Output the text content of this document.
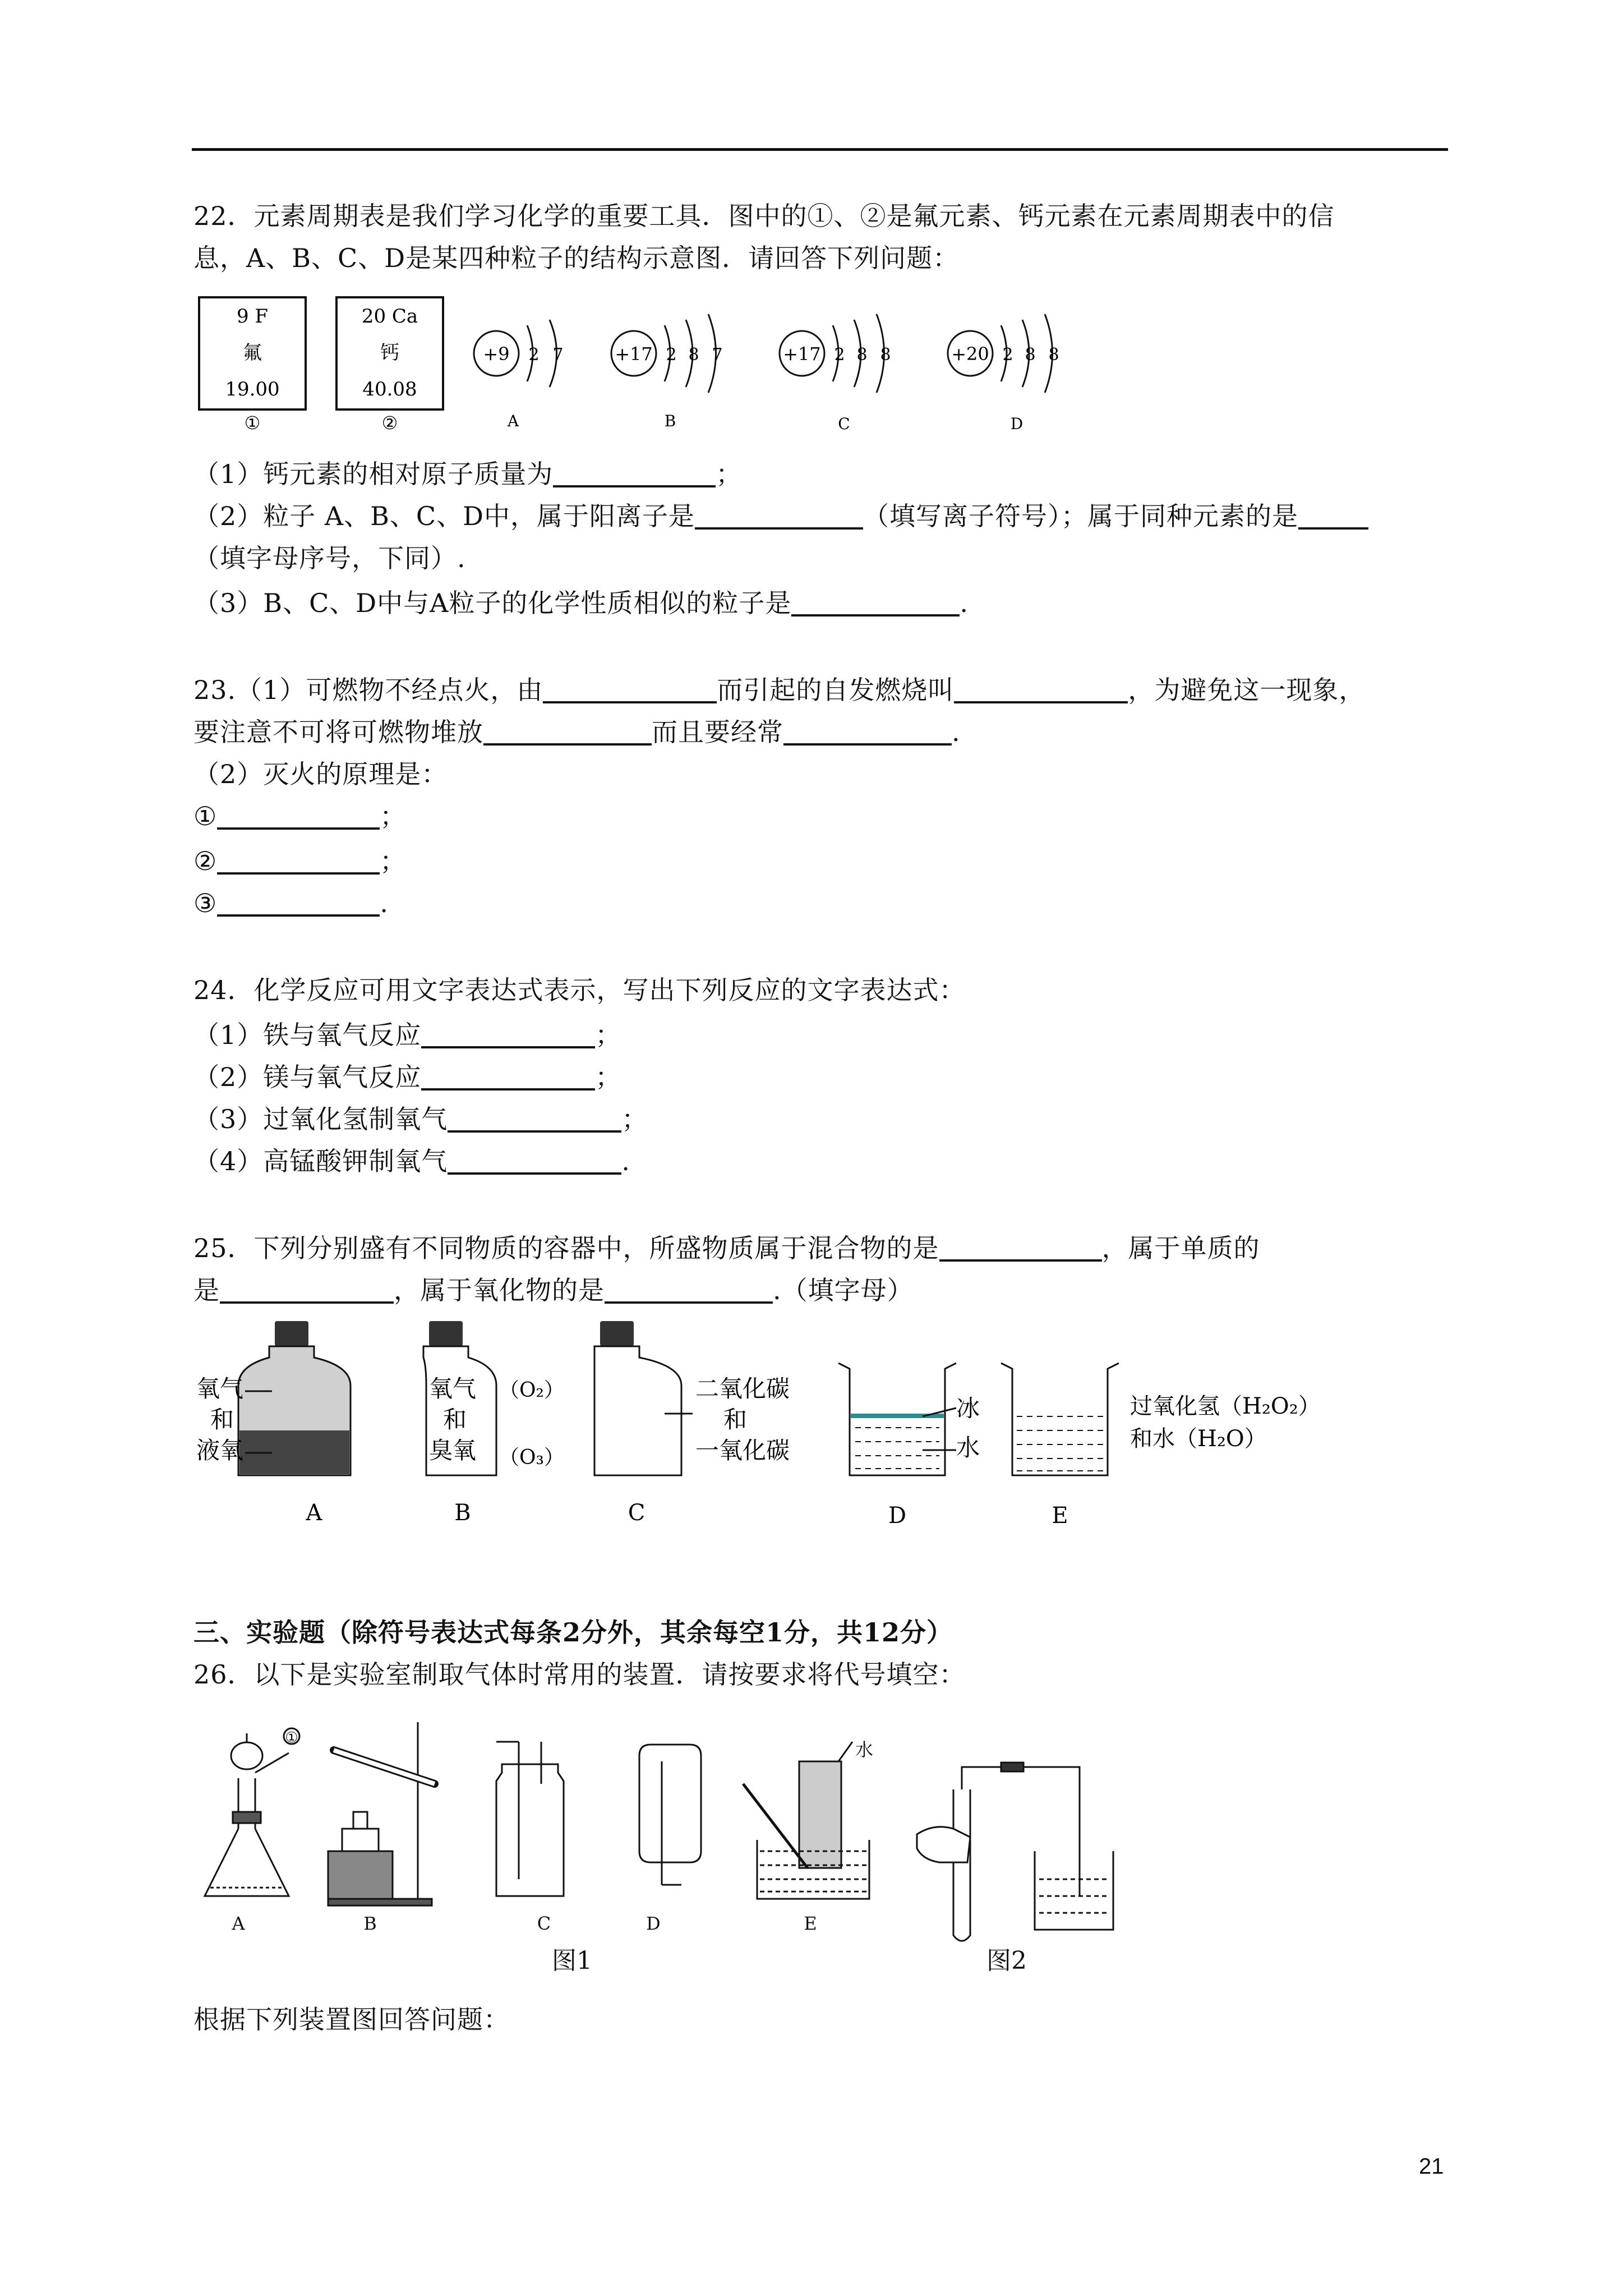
22．元素周期表是我们学习化学的重要工具．图中的①、②是氟元素、钙元素在元素周期表中的信
息，A、B、C、D是某四种粒子的结构示意图．请回答下列问题：
9 F
氟
19.00
①
20 Ca
钙
40.08
②
+9 2 7
A
+17 2 8 7
B
+17 2 8 8
C
+20 2 8 8
D
（1）钙元素的相对原子质量为	；
（2）粒子 A、B、C、D中，属于阳离子是	（填写离子符号）；属于同种元素的是
（填字母序号，下同）.
（3）B、C、D中与A粒子的化学性质相似的粒子是	.
23.（1）可燃物不经点火，由	而引起的自发燃烧叫	，为避免这一现象，
要注意不可将可燃物堆放	而且要经常	.
（2）灭火的原理是：
①	；
②	；
③	.
24．化学反应可用文字表达式表示，写出下列反应的文字表达式：
（1）铁与氧气反应	；
（2）镁与氧气反应	；
（3）过氧化氢制氧气	；
（4）高锰酸钾制氧气	.
25．下列分别盛有不同物质的容器中，所盛物质属于混合物的是	，属于单质的
是	，属于氧化物的是	.（填字母）
氧气
和
液氧
A
氧气
和
臭氧
（O₂）
（O₃）
B
二氧化碳
和
一氧化碳
C
冰
水
D
过氧化氢（H₂O₂）
和水（H₂O）
E
三、实验题（除符号表达式每条2分外，其余每空1分，共12分）
26．以下是实验室制取气体时常用的装置．请按要求将代号填空：
①
水
A	B	C	D	E
图1	图2
根据下列装置图回答问题：
21
